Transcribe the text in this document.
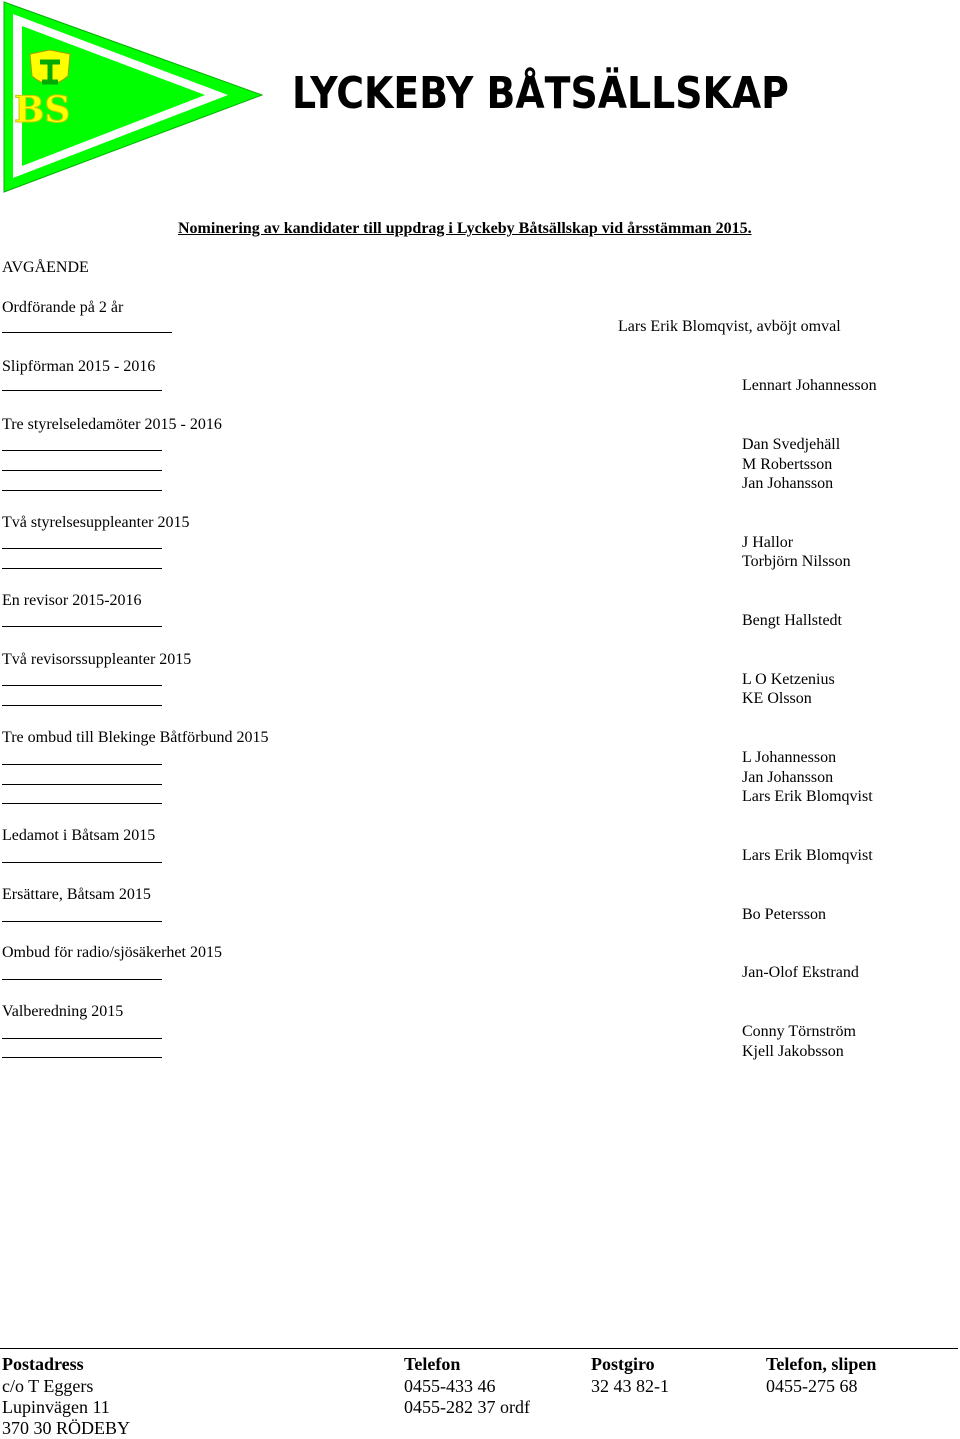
BS	LYCKEBY BÅTSÄLLSKAP
Nominering av kandidater till uppdrag i Lyckeby Båtsällskap vid årsstämman 2015.
AVGÅENDE
Ordförande på 2 år
Slipförman 2015 - 2016
Tre styrelseledamöter 2015 - 2016
Två styrelsesuppleanter 2015
En revisor 2015-2016
Två revisorssuppleanter 2015
Tre ombud till Blekinge Båtförbund 2015
Ledamot i Båtsam 2015
Ersättare, Båtsam 2015
Ombud för radio/sjösäkerhet 2015
Valberedning 2015
Lars Erik Blomqvist, avböjt omval
Lennart Johannesson
Dan Svedjehäll
M Robertsson
Jan Johansson
J Hallor
Torbjörn Nilsson
Bengt Hallstedt
L O Ketzenius
KE Olsson
L Johannesson
Jan Johansson
Lars Erik Blomqvist
Lars Erik Blomqvist
Bo Petersson
Jan-Olof Ekstrand
Conny Törnström
Kjell Jakobsson
Postadress
c/o T Eggers
Lupinvägen 11
370 30 RÖDEBY
Telefon
0455-433 46
0455-282 37 ordf
Postgiro
32 43 82-1
Telefon, slipen
0455-275 68
